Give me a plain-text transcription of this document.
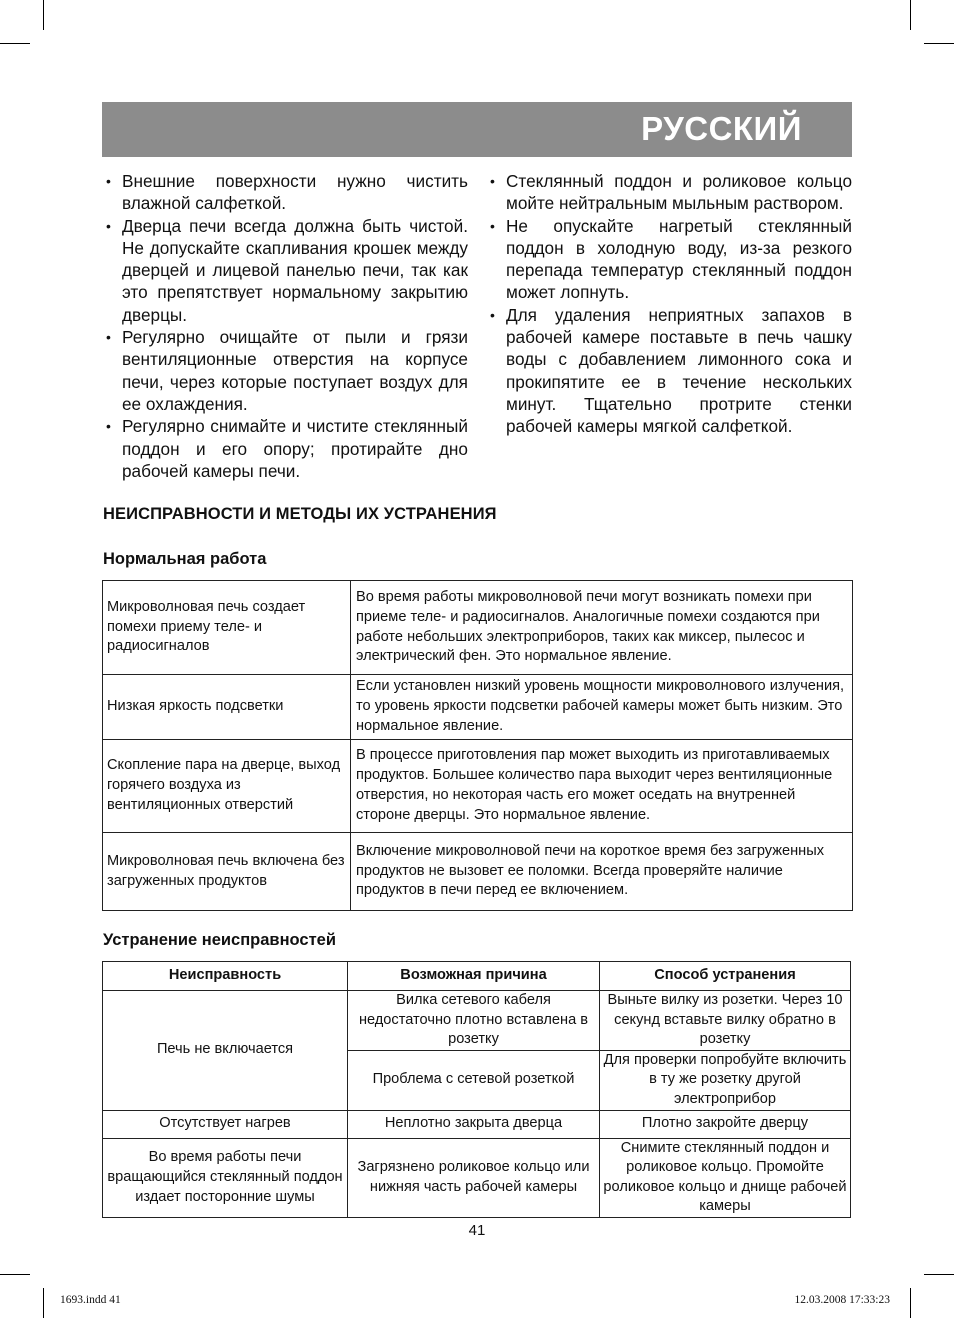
РУССКИЙ
• Внешние поверхности нужно чистить влажной салфеткой.
• Дверца печи всегда должна быть чистой. Не допускайте скапливания крошек между дверцей и лицевой панелью печи, так как это препятствует нормальному закрытию дверцы.
• Регулярно очищайте от пыли и грязи вентиляционные отверстия на корпусе печи, через которые поступает воздух для ее охлаждения.
• Регулярно снимайте и чистите стеклянный поддон и его опору; протирайте дно рабочей камеры печи.
• Стеклянный поддон и роликовое кольцо мойте нейтральным мыльным раствором.
• Не опускайте нагретый стеклянный поддон в холодную воду, из-за резкого перепада температур стеклянный поддон может лопнуть.
• Для удаления неприятных запахов в рабочей камере поставьте в печь чашку воды с добавлением лимонного сока и прокипятите ее в течение нескольких минут. Тщательно протрите стенки рабочей камеры мягкой салфеткой.
НЕИСПРАВНОСТИ И МЕТОДЫ ИХ УСТРАНЕНИЯ
Нормальная работа
Микроволновая печь создает помехи приему теле- и радиосигналов	Во время работы микроволновой печи могут возникать помехи при приеме теле- и радиосигналов. Аналогичные помехи создаются при работе небольших электроприборов, таких как миксер, пылесос и электрический фен. Это нормальное явление.
Низкая яркость подсветки	Если установлен низкий уровень мощности микроволнового излучения, то уровень яркости подсветки рабочей камеры может быть низким. Это нормальное явление.
Скопление пара на дверце, выход горячего воздуха из вентиляционных отверстий	В процессе приготовления пар может выходить из приготавливаемых продуктов. Большее количество пара выходит через вентиляционные отверстия, но некоторая часть его может оседать на внутренней стороне дверцы. Это нормальное явление.
Микроволновая печь включена без загруженных продуктов	Включение микроволновой печи на короткое время без загруженных продуктов не вызовет ее поломки. Всегда проверяйте наличие продуктов в печи перед ее включением.
Устранение неисправностей
Неисправность	Возможная причина	Способ устранения
Печь не включается	Вилка сетевого кабеля недостаточно плотно вставлена в розетку	Выньте вилку из розетки. Через 10 секунд вставьте вилку обратно в розетку
	Проблема с сетевой розеткой	Для проверки попробуйте включить в ту же розетку другой электроприбор
Отсутствует нагрев	Неплотно закрыта дверца	Плотно закройте дверцу
Во время работы печи вращающийся стеклянный поддон издает посторонние шумы	Загрязнено роликовое кольцо или нижняя часть рабочей камеры	Снимите стеклянный поддон и роликовое кольцо. Промойте роликовое кольцо и днище рабочей камеры
41
1693.indd 41	12.03.2008 17:33:23
